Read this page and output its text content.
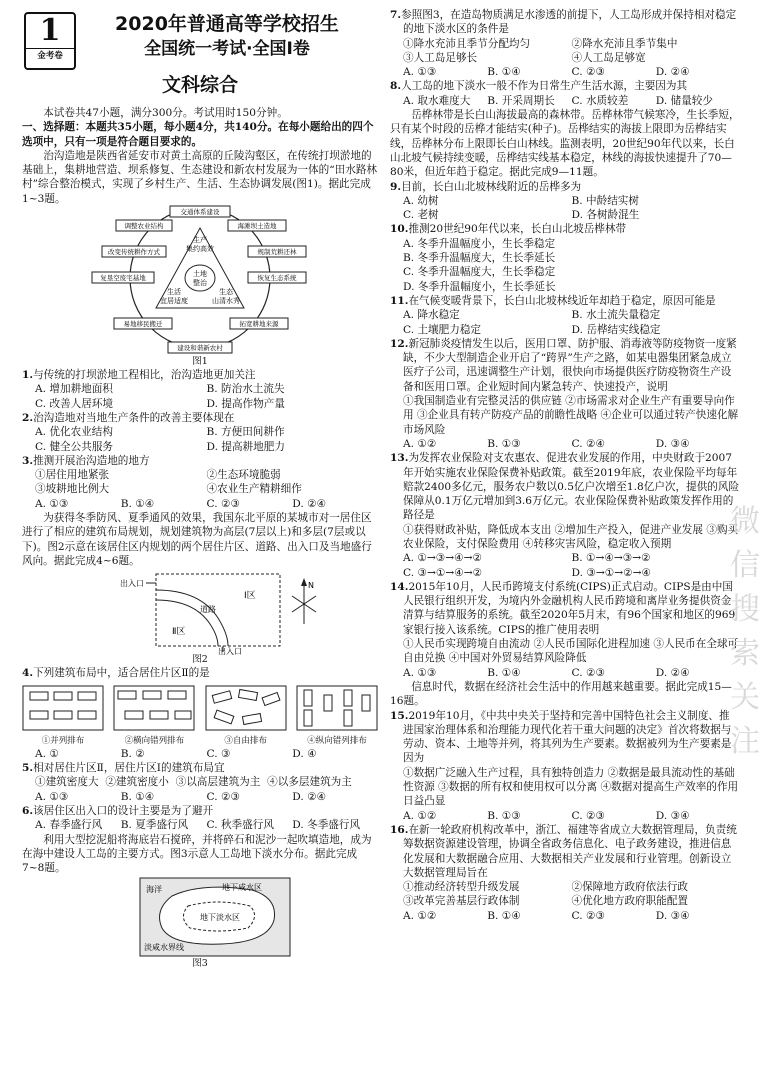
1
金考卷
2020年普通高等学校招生
全国统一考试·全国Ⅰ卷
文科综合

本试卷共47小题，满分300分。考试用时150分钟。

一、选择题：本题共35小题，每小题4分，共140分。在每小题给出的四个选项中，只有一项是符合题目要求的。

治沟造地是陕西省延安市对黄土高原的丘陵沟壑区，在传统打坝淤地的基础上，集耕地营造、坝系修复、生态建设和新农村发展为一体的“田水路林村”综合整治模式，实现了乡村生产、生活、生态协调发展(图1)。据此完成1~3题。

土地
整治
生产
集约高效
生活
宜居适度
生态
山清水秀
交通体系建设
调整农业结构	海滩坝土造地
改变传统耕作方式	规制荒耕还林
复垦空废宅基地	恢复生态系统
易地移民搬迁	拓宽耕地来源
建设和谐新农村
图1
1.与传统的打坝淤地工程相比，治沟造地更加关注
A. 增加耕地面积	B. 防治水土流失
C. 改善人居环境	D. 提高作物产量
2.治沟造地对当地生产条件的改善主要体现在
A. 优化农业结构	B. 方便田间耕作
C. 健全公共服务	D. 提高耕地肥力
3.推测开展治沟造地的地方
①居住用地紧张	②生态环境脆弱
③坡耕地比例大	④农业生产精耕细作
A. ①③	B. ①④	C. ②③	D. ②④

为获得冬季防风、夏季通风的效果，我国东北平原的某城市对一居住区进行了相应的建筑布局规划，规划建筑物为高层(7层以上)和多层(7层或以下)。图2示意在该居住区内规划的两个居住片区、道路、出入口及当地盛行风向。据此完成4~6题。

出入口
道路
Ⅰ区
Ⅱ区
出入口
N
图2
4.下列建筑布局中，适合居住片区Ⅱ的是
①并列排布	②横向错列排布	③自由排布	④纵向错列排布
A. ①	B. ②	C. ③	D. ④
5.相对居住片区Ⅱ，居住片区Ⅰ的建筑布局宜
①建筑密度大 ②建筑密度小 ③以高层建筑为主 ④以多层建筑为主
A. ①③	B. ①④	C. ②③	D. ②④
6.该居住区出入口的设计主要是为了避开
A. 春季盛行风	B. 夏季盛行风	C. 秋季盛行风	D. 冬季盛行风

利用大型挖泥船将海底岩石搅碎，并将碎石和泥沙一起吹填造地，成为在海中建设人工岛的主要方式。图3示意人工岛地下淡水分布。据此完成7~8题。

海洋	地下咸水区
地下淡水区
淡咸水界线
图3
7.参照图3，在造岛物质满足水渗透的前提下，人工岛形成并保持相对稳定的地下淡水区的条件是
①降水充沛且季节分配均匀	②降水充沛且季节集中
③人工岛足够长	④人工岛足够宽
A. ①③	B. ①④	C. ②③	D. ②④
8.人工岛的地下淡水一般不作为日常生产生活水源，主要因为其
A. 取水难度大	B. 开采周期长	C. 水质较差	D. 储量较少

岳桦林带是长白山海拔最高的森林带。岳桦林带气候寒冷，生长季短，只有某个时段的岳桦才能结实(种子)。岳桦结实的海拔上限即为岳桦结实线，岳桦林分布上限即长白山林线。监测表明，20世纪90年代以来，长白山北坡气候持续变暖，岳桦结实线基本稳定，林线的海拔快速提升了70—80米，但近年趋于稳定。据此完成9—11题。

9.目前，长白山北坡林线附近的岳桦多为
A. 幼树	B. 中龄结实树
C. 老树	D. 各树龄混生
10.推测20世纪90年代以来，长白山北坡岳桦林带
A. 冬季升温幅度小，生长季稳定
B. 冬季升温幅度大，生长季延长
C. 冬季升温幅度大，生长季稳定
D. 冬季升温幅度小，生长季延长
11.在气候变暖背景下，长白山北坡林线近年却趋于稳定，原因可能是
A. 降水稳定	B. 水土流失量稳定
C. 土壤肥力稳定	D. 岳桦结实线稳定
12.新冠肺炎疫情发生以后，医用口罩、防护服、消毒液等防疫物资一度紧缺，不少大型制造企业开启了“跨界”生产之路，如某电器集团紧急成立医疗子公司，迅速调整生产计划，很快向市场提供医疗防疫物资生产设备和医用口罩。企业短时间内紧急转产、快速投产，说明
①我国制造业有完整灵活的供应链 ②市场需求对企业生产有重要导向作用 ③企业具有转产防疫产品的前瞻性战略 ④企业可以通过转产快速化解市场风险
A. ①②	B. ①③	C. ②④	D. ③④
13.为发挥农业保险对支农惠农、促进农业发展的作用，中央财政于2007年开始实施农业保险保费补贴政策。截至2019年底，农业保险平均每年赔款2400多亿元，服务农户数以0.5亿户次增至1.8亿户次，提供的风险保障从0.1万亿元增加到3.6万亿元。农业保险保费补贴政策发挥作用的路径是
①获得财政补贴，降低成本支出 ②增加生产投入，促进产业发展 ③购买农业保险，支付保险费用 ④转移灾害风险，稳定收入预期
A. ①→③→④→②	B. ①→④→③→②
C. ③→①→④→②	D. ③→①→②→④
14.2015年10月，人民币跨境支付系统(CIPS)正式启动。CIPS是由中国人民银行组织开发，为境内外金融机构人民币跨境和离岸业务提供资金清算与结算服务的系统。截至2020年5月末，有96个国家和地区的969家银行接入该系统。CIPS的推广使用表明
①人民币实现跨境自由流动 ②人民币国际化进程加速 ③人民币在全球可自由兑换 ④中国对外贸易结算风险降低
A. ①③	B. ①④	C. ②③	D. ②④

信息时代，数据在经济社会生活中的作用越来越重要。据此完成15—16题。

15.2019年10月，《中共中央关于坚持和完善中国特色社会主义制度、推进国家治理体系和治理能力现代化若干重大问题的决定》首次将数据与劳动、资本、土地等并列，将其列为生产要素。数据被列为生产要素是因为
①数据广泛融入生产过程，具有独特创造力 ②数据是最具流动性的基础性资源 ③数据的所有权和使用权可以分离 ④数据对提高生产效率的作用日益凸显
A. ①②	B. ①③	C. ②③	D. ③④
16.在新一轮政府机构改革中，浙江、福建等省成立大数据管理局，负责统筹数据资源建设管理，协调全省政务信息化、电子政务建设，推进信息化发展和大数据融合应用、大数据相关产业发展和行业管理。创新设立大数据管理局旨在
①推动经济转型升级发展	②保障地方政府依法行政
③改革完善基层行政体制	④优化地方政府职能配置
A. ①②	B. ①④	C. ②③	D. ③④
微信搜索关注
